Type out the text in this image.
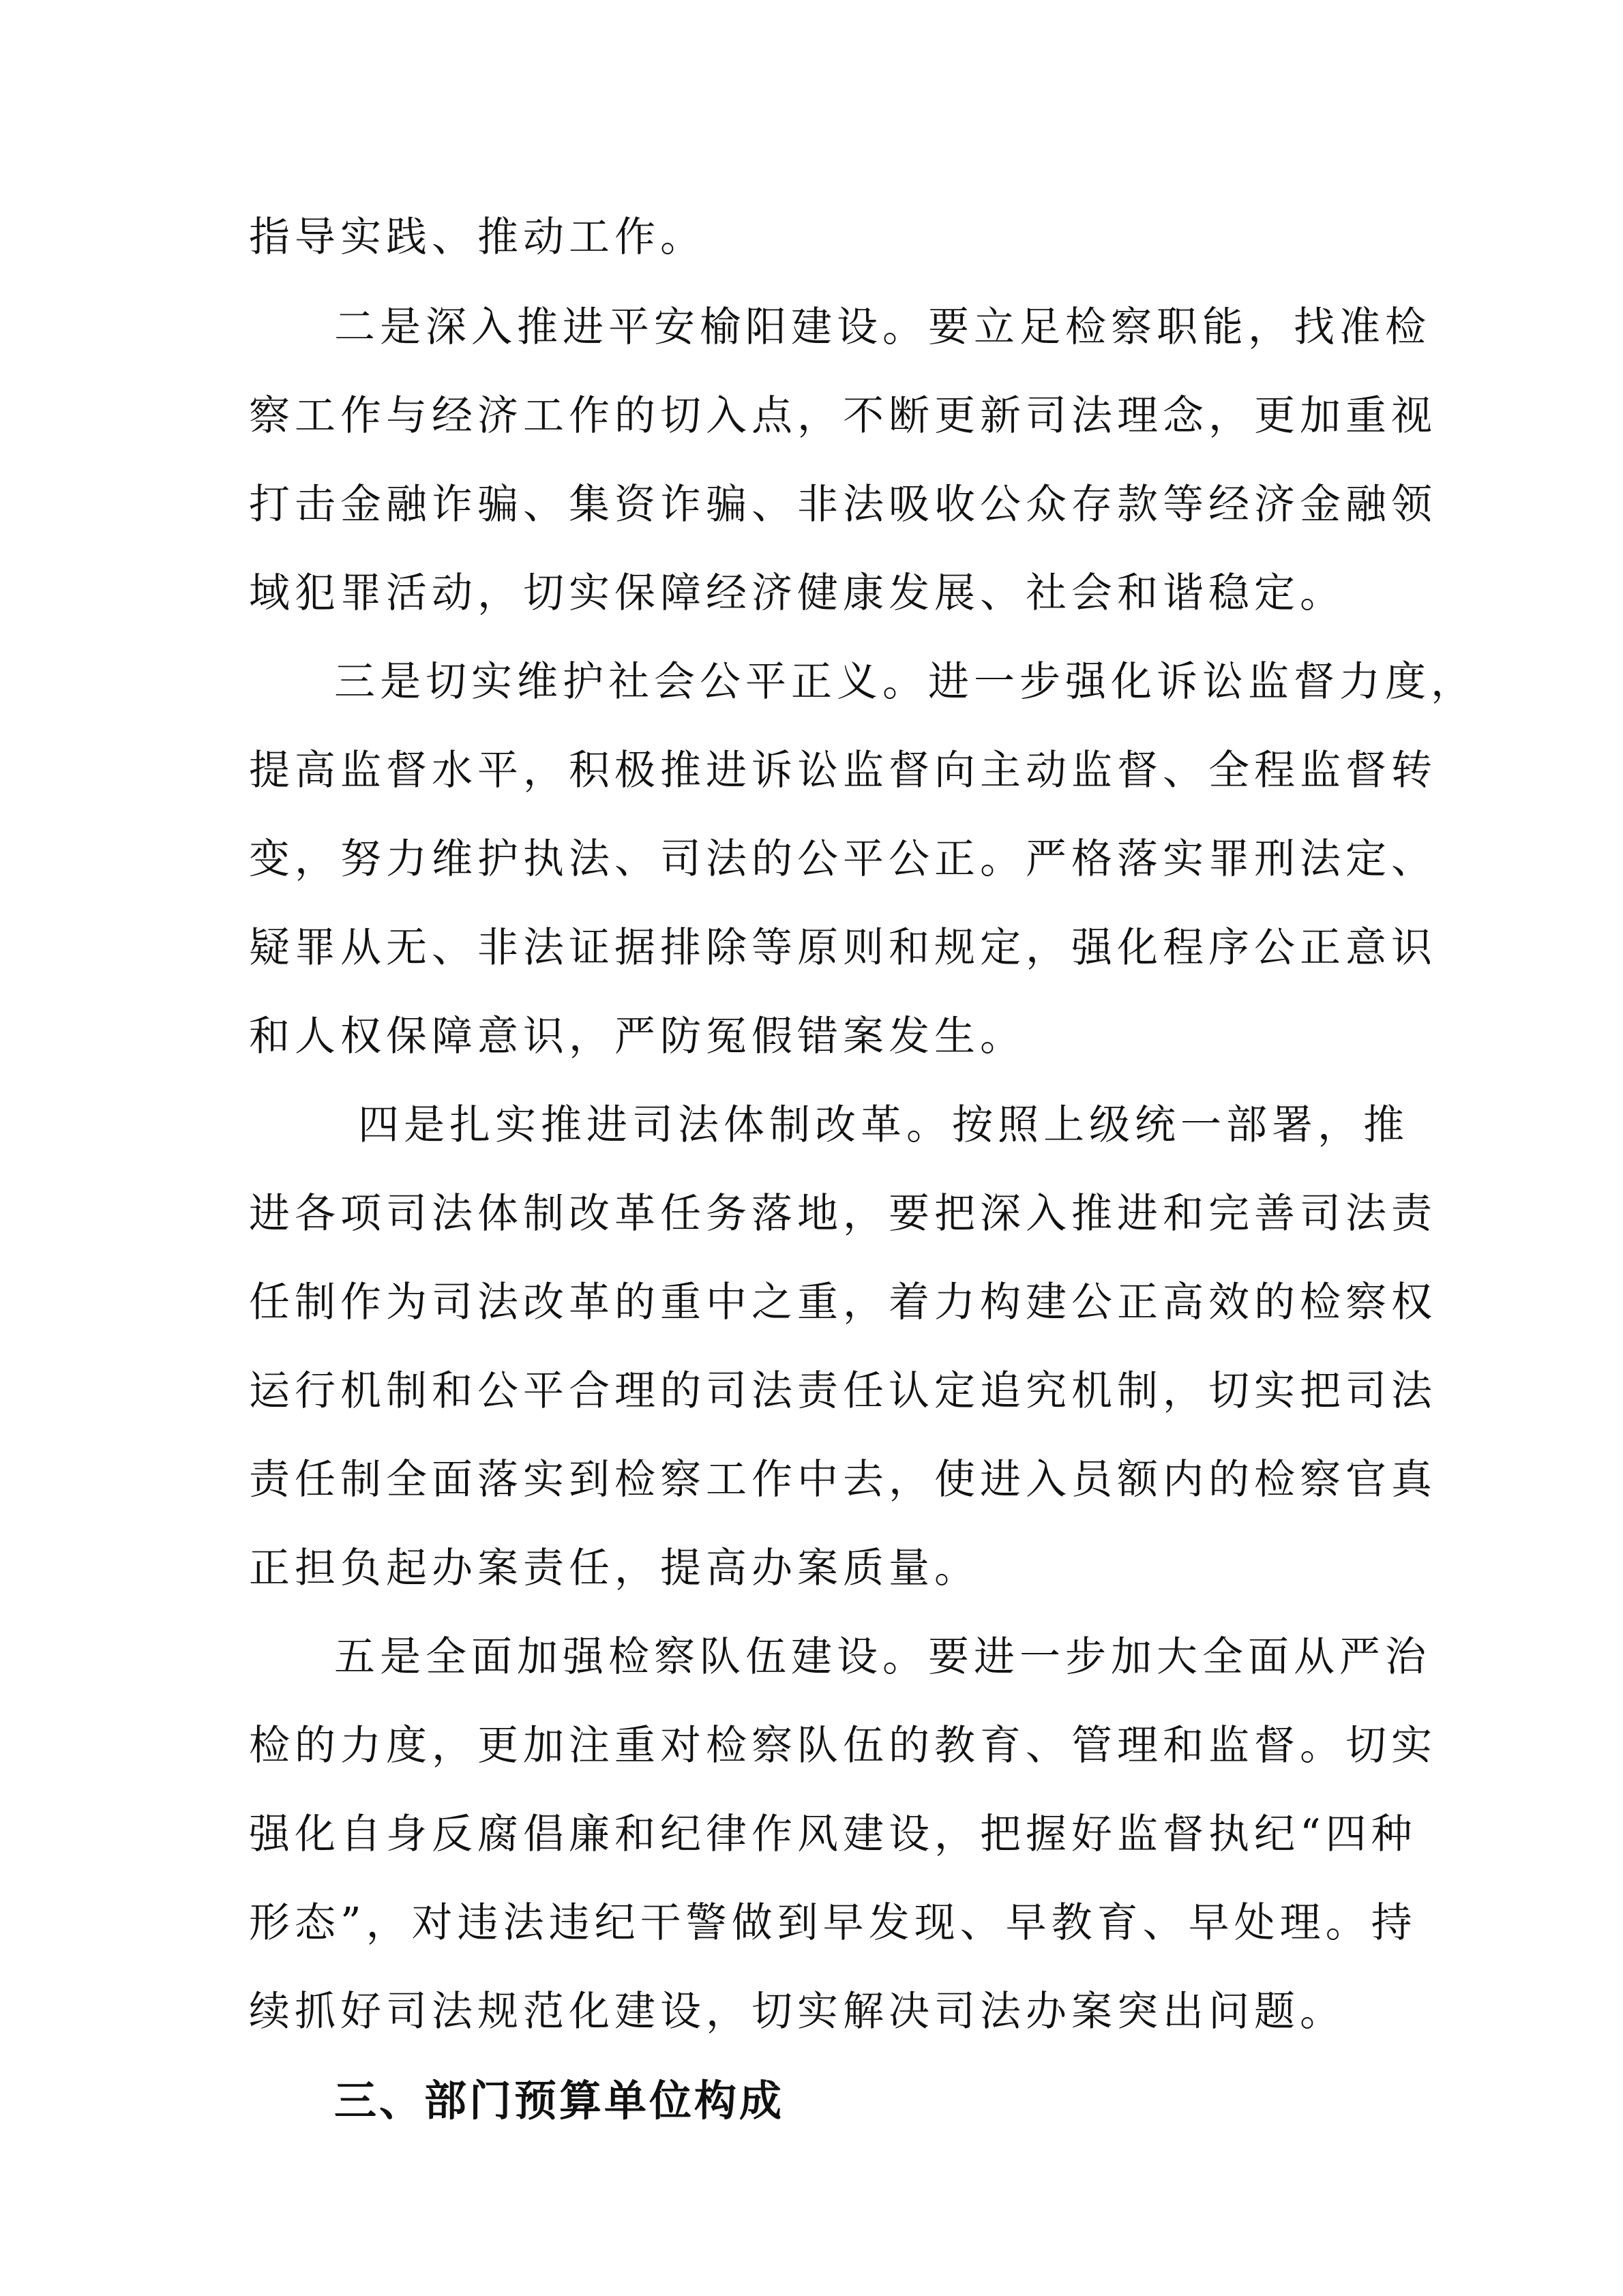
指导实践、推动工作。
二是深入推进平安榆阳建设。要立足检察职能，找准检
察工作与经济工作的切入点，不断更新司法理念，更加重视
打击金融诈骗、集资诈骗、非法吸收公众存款等经济金融领
域犯罪活动，切实保障经济健康发展、社会和谐稳定。
三是切实维护社会公平正义。进一步强化诉讼监督力度，
提高监督水平，积极推进诉讼监督向主动监督、全程监督转
变，努力维护执法、司法的公平公正。严格落实罪刑法定、
疑罪从无、非法证据排除等原则和规定，强化程序公正意识
和人权保障意识，严防冤假错案发生。
四是扎实推进司法体制改革。按照上级统一部署，推
进各项司法体制改革任务落地，要把深入推进和完善司法责
任制作为司法改革的重中之重，着力构建公正高效的检察权
运行机制和公平合理的司法责任认定追究机制，切实把司法
责任制全面落实到检察工作中去，使进入员额内的检察官真
正担负起办案责任，提高办案质量。
五是全面加强检察队伍建设。要进一步加大全面从严治
检的力度，更加注重对检察队伍的教育、管理和监督。切实
强化自身反腐倡廉和纪律作风建设，把握好监督执纪“四种
形态”，对违法违纪干警做到早发现、早教育、早处理。持
续抓好司法规范化建设，切实解决司法办案突出问题。
三、部门预算单位构成
